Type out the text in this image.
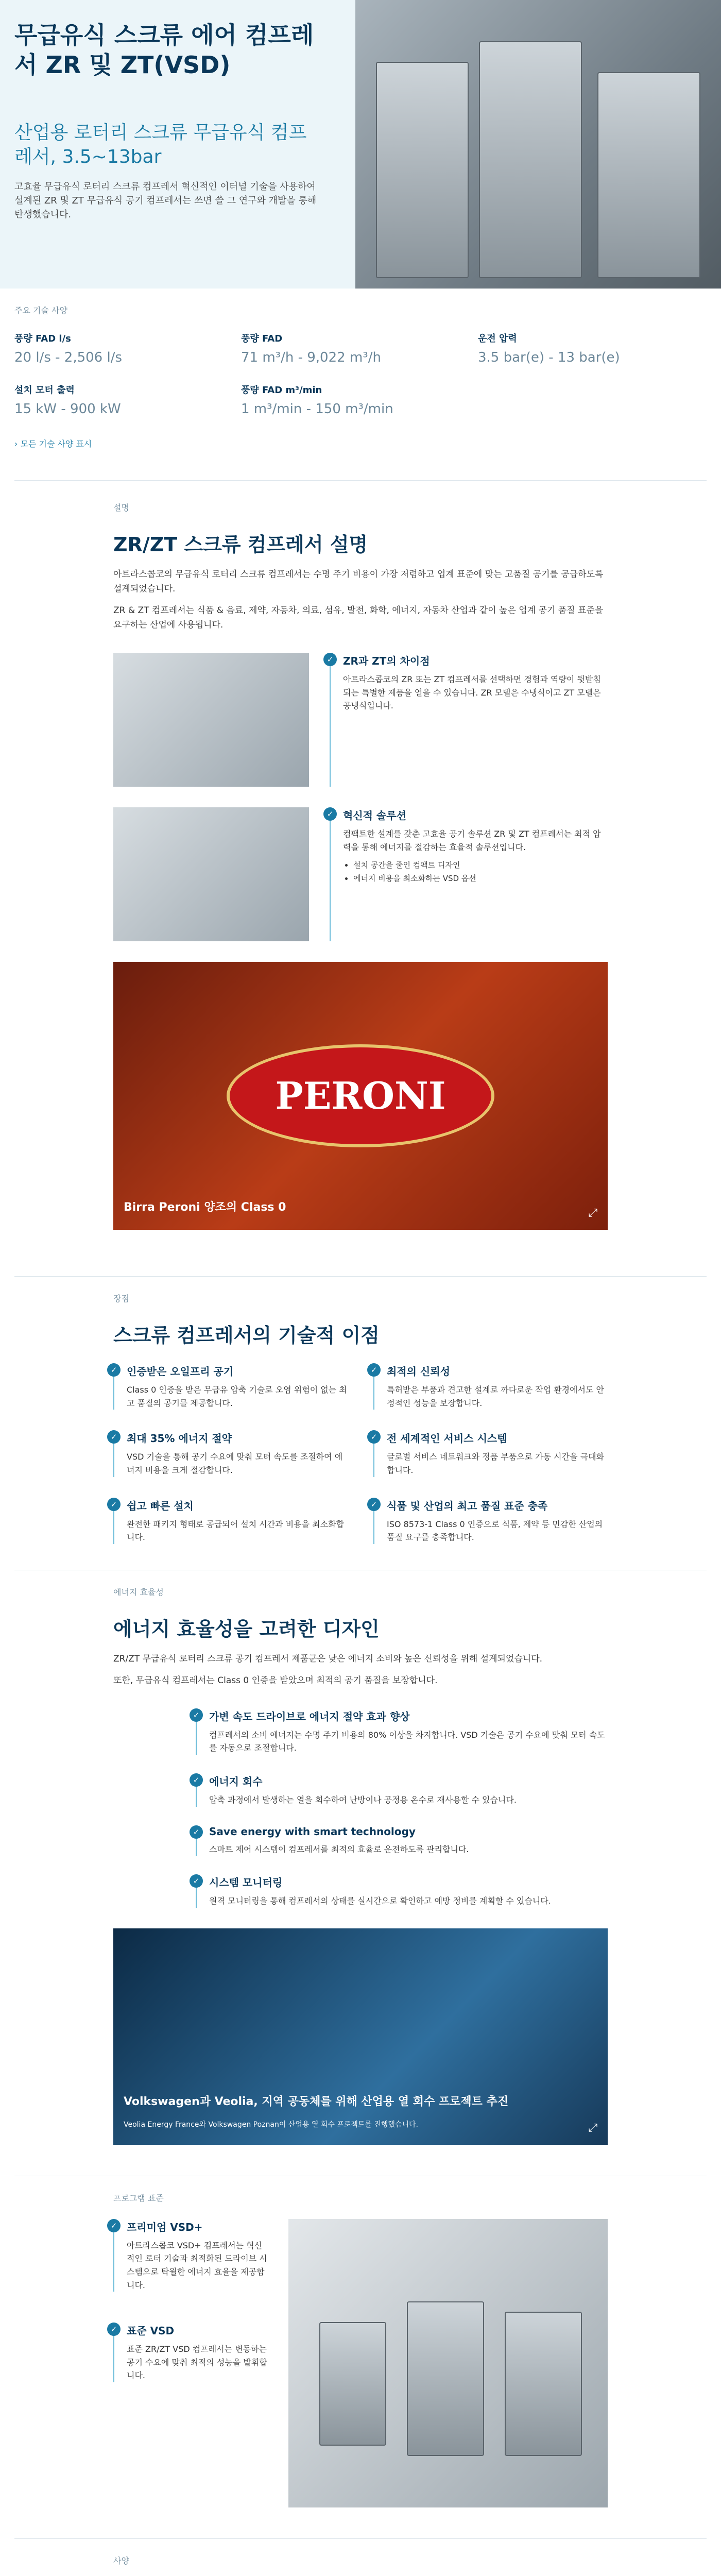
무급유식 스크류 에어 컴프레서 ZR 및 ZT(VSD)
산업용 로터리 스크류 무급유식 컴프레서, 3.5~13bar
고효율 무급유식 로터리 스크류 컴프레서 혁신적인 이터널 기술을 사용하여 설계된 ZR 및 ZT 무급유식 공기 컴프레서는 쓰면 쓸 그 연구와 개발을 통해 탄생했습니다.
주요 기술 사양
풍량 FAD l/s
20 l/s - 2,506 l/s
풍량 FAD
71 m³/h - 9,022 m³/h
운전 압력
3.5 bar(e) - 13 bar(e)
설치 모터 출력
15 kW - 900 kW
풍량 FAD m³/min
1 m³/min - 150 m³/min
› 모든 기술 사양 표시
설명
ZR/ZT 스크류 컴프레서 설명
아트라스콥코의 무급유식 로터리 스크류 컴프레서는 수명 주기 비용이 가장 저렴하고 업계 표준에 맞는 고품질 공기를 공급하도록 설계되었습니다.
ZR & ZT 컴프레서는 식품 & 음료, 제약, 자동차, 의료, 섬유, 발전, 화학, 에너지, 자동차 산업과 같이 높은 업계 공기 품질 표준을 요구하는 산업에 사용됩니다.
✓ ZR과 ZT의 차이점
아트라스콥코의 ZR 또는 ZT 컴프레서를 선택하면 경험과 역량이 뒷받침되는 특별한 제품을 얻을 수 있습니다. ZR 모델은 수냉식이고 ZT 모델은 공냉식입니다.
✓ 혁신적 솔루션
컴팩트한 설계를 갖춘 고효율 공기 솔루션 ZR 및 ZT 컴프레서는 최적 압력을 통해 에너지를 절감하는 효율적 솔루션입니다.
• 설치 공간을 줄인 컴팩트 디자인
• 에너지 비용을 최소화하는 VSD 옵션
PERONI
Birra Peroni 양조의 Class 0	⤢
장점
스크류 컴프레서의 기술적 이점
✓ 인증받은 오일프리 공기
Class 0 인증을 받은 무급유 압축 기술로 오염 위험이 없는 최고 품질의 공기를 제공합니다.
✓ 최적의 신뢰성
특허받은 부품과 견고한 설계로 까다로운 작업 환경에서도 안정적인 성능을 보장합니다.
✓ 최대 35% 에너지 절약
VSD 기술을 통해 공기 수요에 맞춰 모터 속도를 조절하여 에너지 비용을 크게 절감합니다.
✓ 전 세계적인 서비스 시스템
글로벌 서비스 네트워크와 정품 부품으로 가동 시간을 극대화합니다.
✓ 쉽고 빠른 설치
완전한 패키지 형태로 공급되어 설치 시간과 비용을 최소화합니다.
✓ 식품 및 산업의 최고 품질 표준 충족
ISO 8573-1 Class 0 인증으로 식품, 제약 등 민감한 산업의 품질 요구를 충족합니다.
에너지 효율성
에너지 효율성을 고려한 디자인
ZR/ZT 무급유식 로터리 스크류 공기 컴프레서 제품군은 낮은 에너지 소비와 높은 신뢰성을 위해 설계되었습니다.
또한, 무급유식 컴프레서는 Class 0 인증을 받았으며 최적의 공기 품질을 보장합니다.
✓ 가변 속도 드라이브로 에너지 절약 효과 향상
컴프레서의 소비 에너지는 수명 주기 비용의 80% 이상을 차지합니다. VSD 기술은 공기 수요에 맞춰 모터 속도를 자동으로 조절합니다.
✓ 에너지 회수
압축 과정에서 발생하는 열을 회수하여 난방이나 공정용 온수로 재사용할 수 있습니다.
✓ Save energy with smart technology
스마트 제어 시스템이 컴프레서를 최적의 효율로 운전하도록 관리합니다.
✓ 시스템 모니터링
원격 모니터링을 통해 컴프레서의 상태를 실시간으로 확인하고 예방 정비를 계획할 수 있습니다.
Volkswagen과 Veolia, 지역 공동체를 위해 산업용 열 회수 프로젝트 추진
Veolia Energy France와 Volkswagen Poznan이 산업용 열 회수 프로젝트를 진행했습니다.	⤢
프로그램 표준
✓ 프리미엄 VSD+
아트라스콥코 VSD+ 컴프레서는 혁신적인 로터 기술과 최적화된 드라이브 시스템으로 탁월한 에너지 효율을 제공합니다.
✓ 표준 VSD
표준 ZR/ZT VSD 컴프레서는 변동하는 공기 수요에 맞춰 최적의 성능을 발휘합니다.
사양
